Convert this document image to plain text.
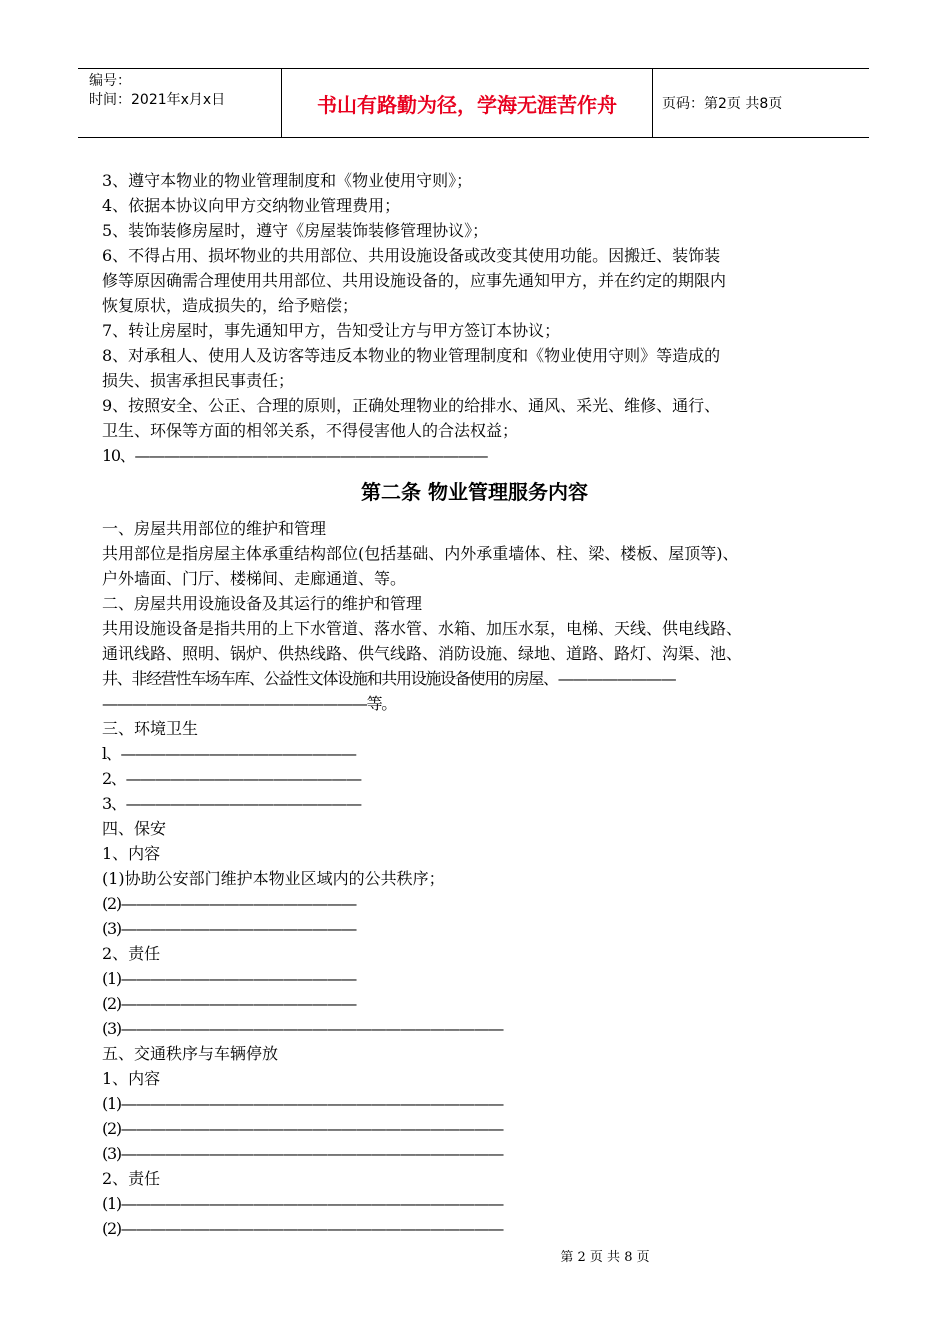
编号：
时间：2021年x月x日	书山有路勤为径，学海无涯苦作舟	页码：第2页 共8页
3、遵守本物业的物业管理制度和《物业使用守则》；
4、依据本协议向甲方交纳物业管理费用；
5、装饰装修房屋时，遵守《房屋装饰装修管理协议》；
6、不得占用、损坏物业的共用部位、共用设施设备或改变其使用功能。因搬迁、装饰装
修等原因确需合理使用共用部位、共用设施设备的，应事先通知甲方，并在约定的期限内
恢复原状，造成损失的，给予赔偿；
7、转让房屋时，事先通知甲方，告知受让方与甲方签订本协议；
8、对承租人、使用人及访客等违反本物业的物业管理制度和《物业使用守则》等造成的
损失、损害承担民事责任；
9、按照安全、公正、合理的原则，正确处理物业的给排水、通风、采光、维修、通行、
卫生、环保等方面的相邻关系，不得侵害他人的合法权益；
10、————————————————————————
第二条 物业管理服务内容
一、房屋共用部位的维护和管理
共用部位是指房屋主体承重结构部位(包括基础、内外承重墙体、柱、梁、楼板、屋顶等)、
户外墙面、门厅、楼梯间、走廊通道、等。
二、房屋共用设施设备及其运行的维护和管理
共用设施设备是指共用的上下水管道、落水管、水箱、加压水泵，电梯、天线、供电线路、
通讯线路、照明、锅炉、供热线路、供气线路、消防设施、绿地、道路、路灯、沟渠、池、
井、非经营性车场车库、公益性文体设施和共用设施设备使用的房屋、————————
——————————————————等。
三、环境卫生
l、————————————————
2、————————————————
3、————————————————
四、保安
1、内容
(1)协助公安部门维护本物业区域内的公共秩序；
(2)————————————————
(3)————————————————
2、责任
(1)————————————————
(2)————————————————
(3)——————————————————————————
五、交通秩序与车辆停放
1、内容
(1)——————————————————————————
(2)——————————————————————————
(3)——————————————————————————
2、责任
(1)——————————————————————————
(2)——————————————————————————
第 2 页 共 8 页
